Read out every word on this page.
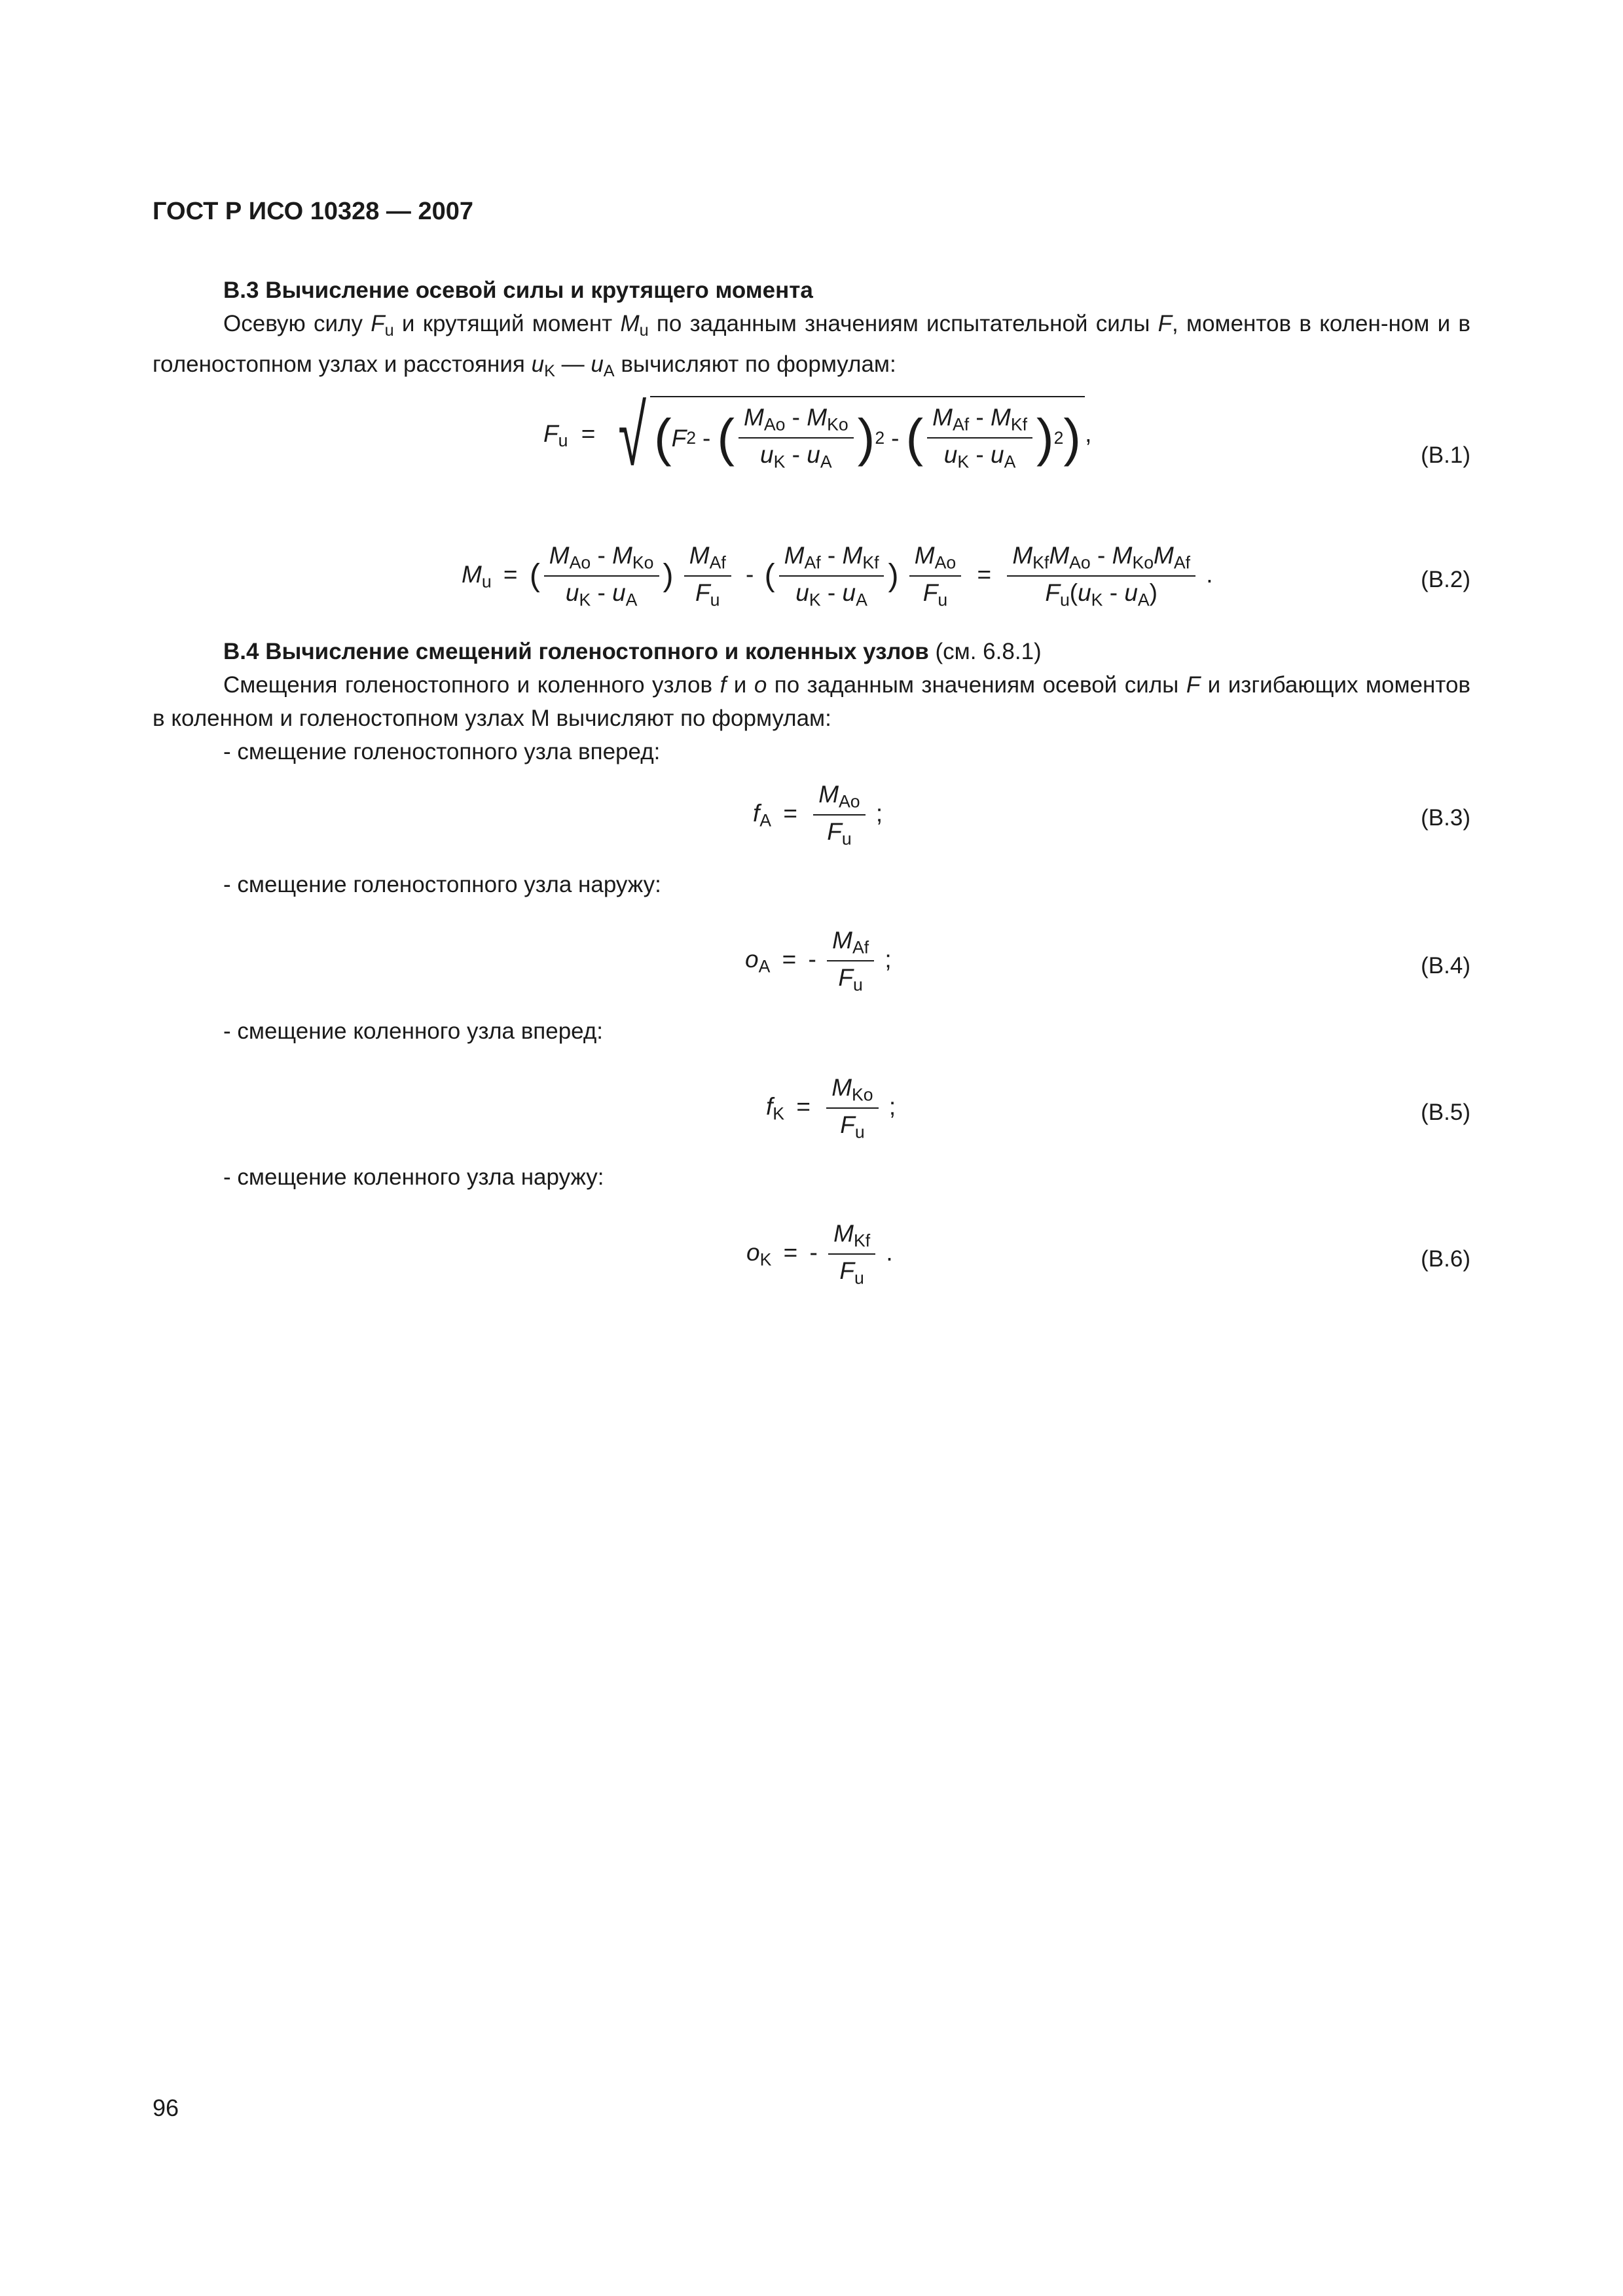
ГОСТ Р ИСО 10328 — 2007
В.3 Вычисление осевой силы и крутящего момента
Осевую силу $F_u$ и крутящий момент $M_u$ по заданным значениям испытательной силы F, моментов в колен-ном и в голеностопном узлах и расстояния $u_K$ — $u_A$ вычисляют по формулам:
$F_u$ = √ ( F 2 - ( $\frac{M_{Ao} - M_{Ko}}{u_K - u_A}$ ) 2 - ( $\frac{M_{Af} - M_{Kf}}{u_K - u_A}$ ) 2 ) ,
(В.1)
$M_u$ = ( $\frac{M_{Ao} - M_{Ko}}{u_K - u_A}$ ) $\frac{M_{Af}}{F_u}$ - ( $\frac{M_{Af} - M_{Kf}}{u_K - u_A}$ ) $\frac{M_{Ao}}{F_u} = \frac{M_{Kf}M_{Ao} - M_{Ko}M_{Af}}{F_u(u_K - u_A)}$ .	(В.2)
В.4 Вычисление смещений голеностопного и коленных узлов (см. 6.8.1)
Смещения голеностопного и коленного узлов f и o по заданным значениям осевой силы F и изгибающих моментов в коленном и голеностопном узлах М вычисляют по формулам:
- смещение голеностопного узла вперед:
$f_A = \frac{M_{Ao}}{F_u}$ ;	(В.3)
- смещение голеностопного узла наружу:
$o_A$ = - $\frac{M_{Af}}{F_u}$ ;	(В.4)
- смещение коленного узла вперед:
$f_K = \frac{M_{Ko}}{F_u}$ ;	(В.5)
- смещение коленного узла наружу:
$o_K$ = - $\frac{M_{Kf}}{F_u}$ .	(В.6)
96
